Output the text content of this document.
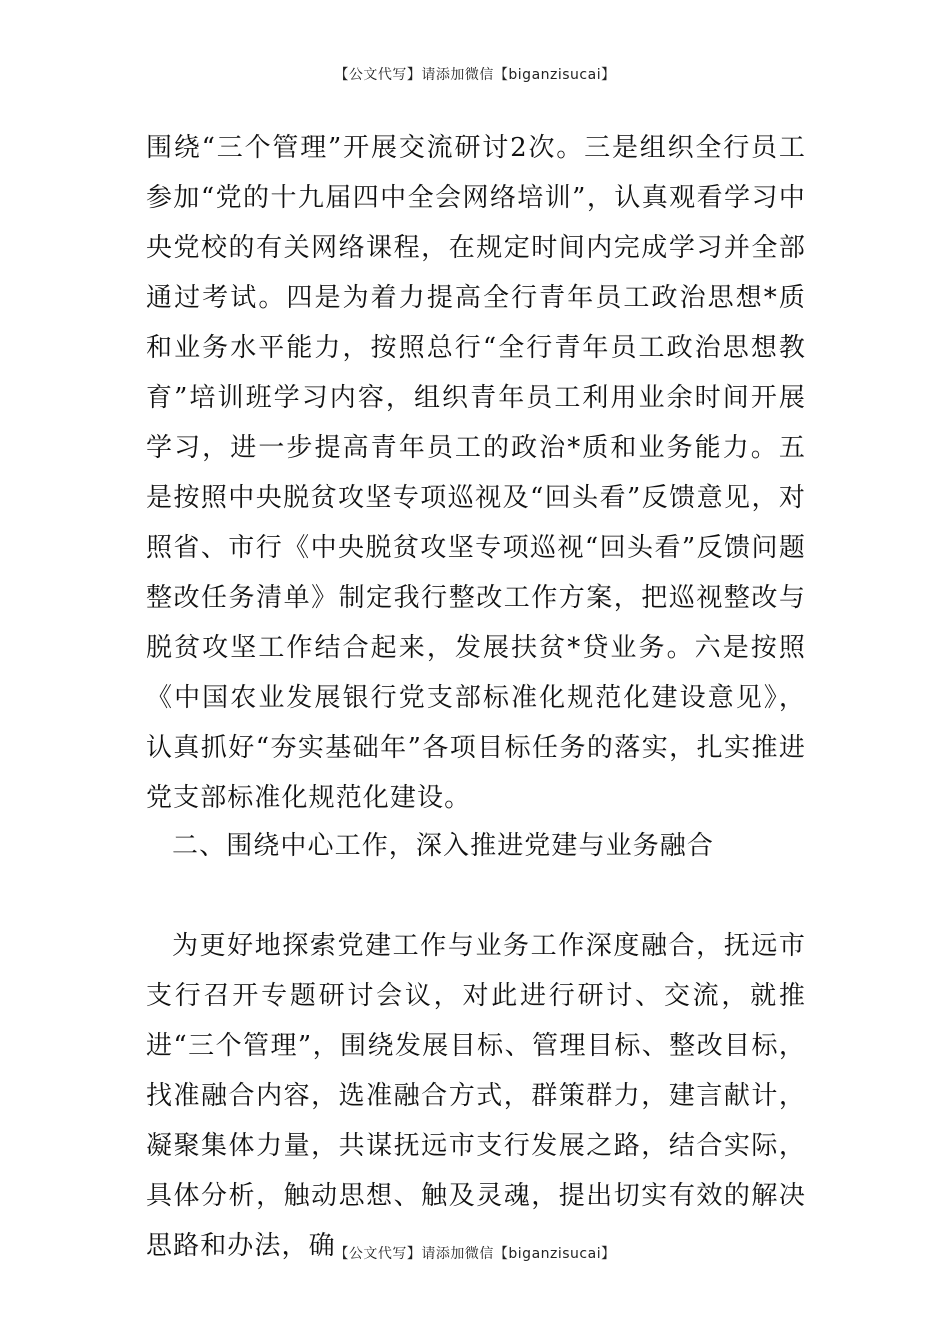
【公文代写】请添加微信【biganzisucai】

围绕“三个管理”开展交流研讨2次。三是组织全行员工参加“党的十九届四中全会网络培训”，认真观看学习中央党校的有关网络课程，在规定时间内完成学习并全部通过考试。四是为着力提高全行青年员工政治思想*质和业务水平能力，按照总行“全行青年员工政治思想教育”培训班学习内容，组织青年员工利用业余时间开展学习，进一步提高青年员工的政治*质和业务能力。五是按照中央脱贫攻坚专项巡视及“回头看”反馈意见，对照省、市行《中央脱贫攻坚专项巡视“回头看”反馈问题整改任务清单》制定我行整改工作方案，把巡视整改与脱贫攻坚工作结合起来，发展扶贫*贷业务。六是按照《中国农业发展银行党支部标准化规范化建设意见》，认真抓好“夯实基础年”各项目标任务的落实，扎实推进党支部标准化规范化建设。

二、围绕中心工作，深入推进党建与业务融合

为更好地探索党建工作与业务工作深度融合，抚远市支行召开专题研讨会议，对此进行研讨、交流，就推进“三个管理”，围绕发展目标、管理目标、整改目标，找准融合内容，选准融合方式，群策群力，建言献计，凝聚集体力量，共谋抚远市支行发展之路，结合实际，具体分析，触动思想、触及灵魂，提出切实有效的解决思路和办法，确

【公文代写】请添加微信【biganzisucai】
